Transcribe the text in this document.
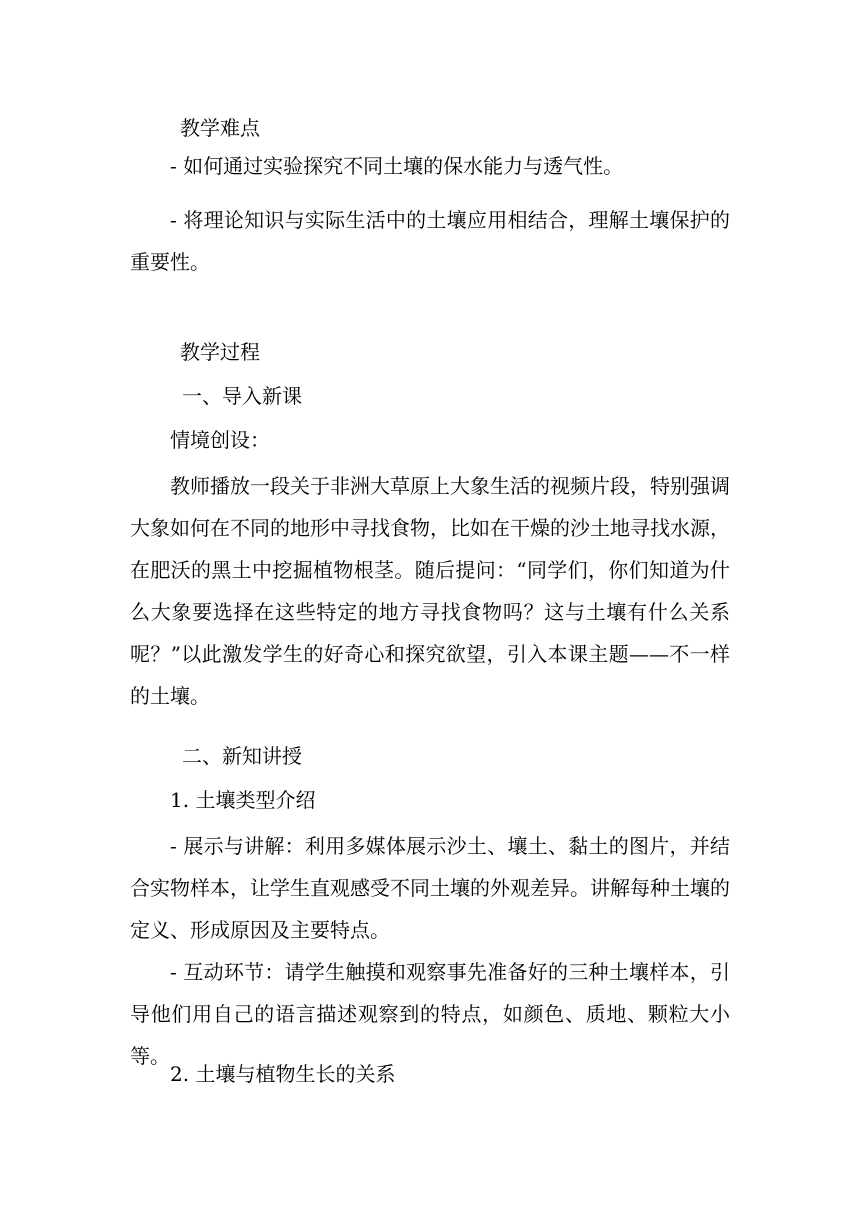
教学难点
- 如何通过实验探究不同土壤的保水能力与透气性。
- 将理论知识与实际生活中的土壤应用相结合，理解土壤保护的重要性。
教学过程
一、导入新课
情境创设：
教师播放一段关于非洲大草原上大象生活的视频片段，特别强调大象如何在不同的地形中寻找食物，比如在干燥的沙土地寻找水源，在肥沃的黑土中挖掘植物根茎。随后提问：“同学们，你们知道为什么大象要选择在这些特定的地方寻找食物吗？这与土壤有什么关系呢？”以此激发学生的好奇心和探究欲望，引入本课主题——不一样的土壤。
二、新知讲授
1. 土壤类型介绍
- 展示与讲解：利用多媒体展示沙土、壤土、黏土的图片，并结合实物样本，让学生直观感受不同土壤的外观差异。讲解每种土壤的定义、形成原因及主要特点。
- 互动环节：请学生触摸和观察事先准备好的三种土壤样本，引导他们用自己的语言描述观察到的特点，如颜色、质地、颗粒大小等。
2. 土壤与植物生长的关系
